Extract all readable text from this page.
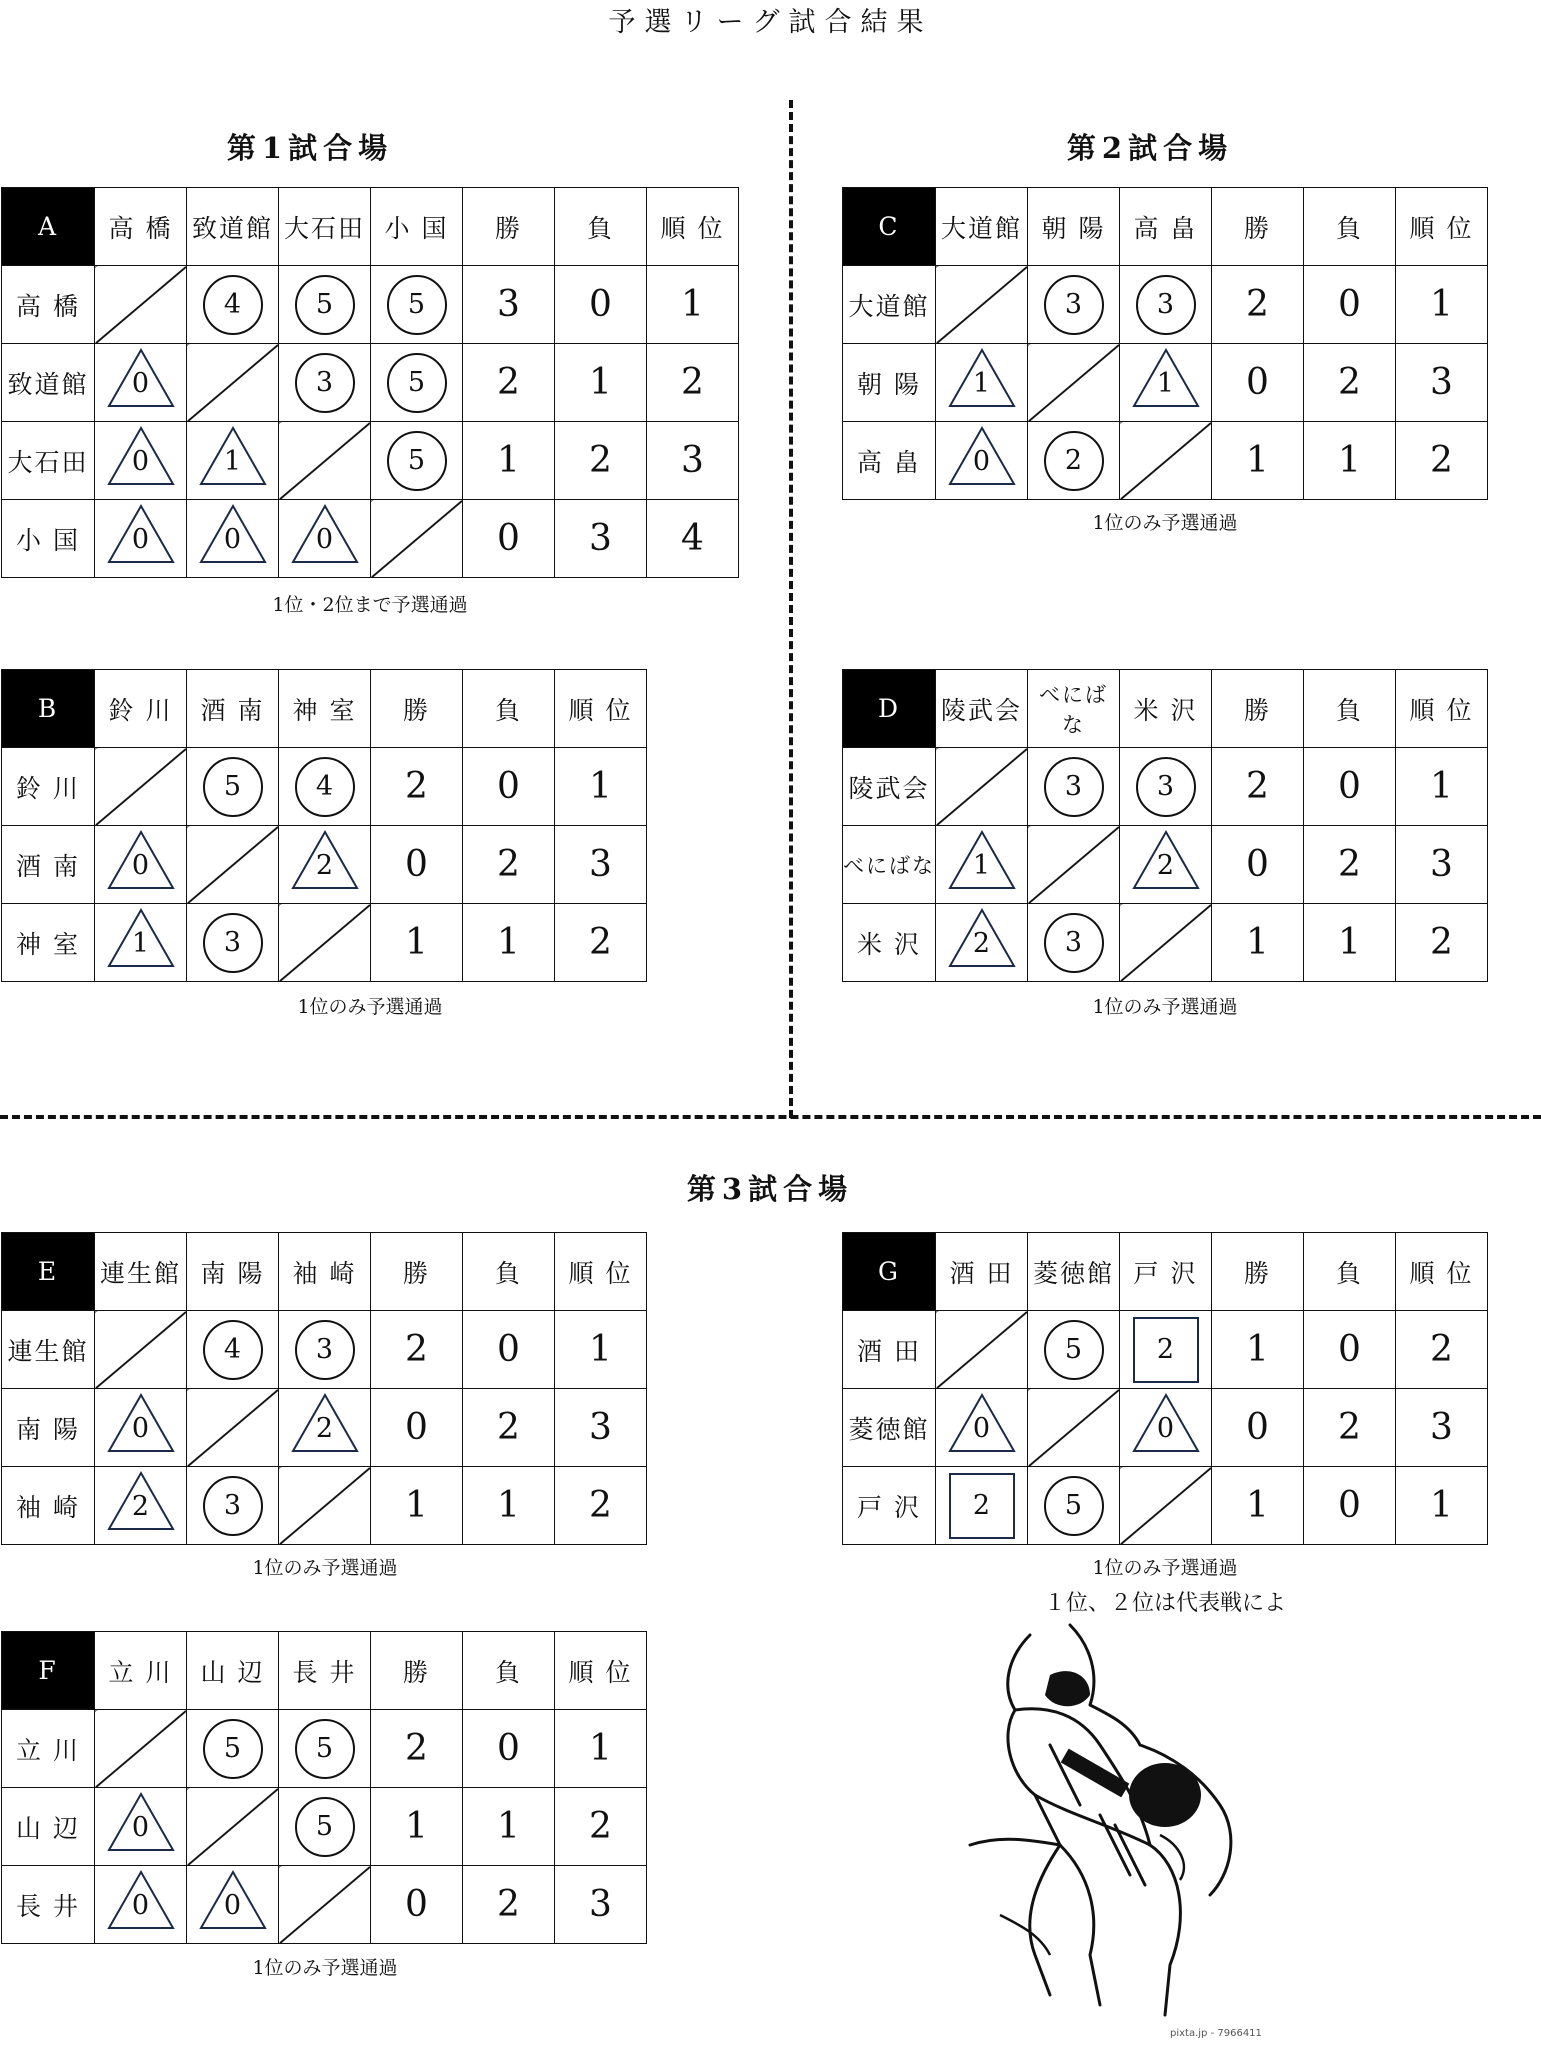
予選リーグ試合結果
第1試合場	第2試合場
第3試合場
A	高 橋	致道館	大石田	小 国	勝	負	順 位
高 橋		4	5	5	3	0	1
致道館	0		3	5	2	1	2
大石田	0	1		5	1	2	3
小 国	0	0	0		0	3	4
B	鈴 川	酒 南	神 室	勝	負	順 位
鈴 川		5	4	2	0	1
酒 南	0		2	0	2	3
神 室	1	3		1	1	2
C	大道館	朝 陽	高 畠	勝	負	順 位
大道館		3	3	2	0	1
朝 陽	1		1	0	2	3
高 畠	0	2		1	1	2
D	陵武会	べにばな	米 沢	勝	負	順 位
陵武会		3	3	2	0	1
べにばな	1		2	0	2	3
米 沢	2	3		1	1	2
E	連生館	南 陽	袖 崎	勝	負	順 位
連生館		4	3	2	0	1
南 陽	0		2	0	2	3
袖 崎	2	3		1	1	2
F	立 川	山 辺	長 井	勝	負	順 位
立 川		5	5	2	0	1
山 辺	0		5	1	1	2
長 井	0	0		0	2	3
G	酒 田	菱徳館	戸 沢	勝	負	順 位
酒 田		5	2	1	0	2
菱徳館	0		0	0	2	3
戸 沢	2	5		1	0	1
1位・2位まで予選通過
1位のみ予選通過
1位のみ予選通過
1位のみ予選通過
1位のみ予選通過
1位のみ予選通過
1位のみ予選通過
１位、２位は代表戦によ
pixta.jp - 7966411
